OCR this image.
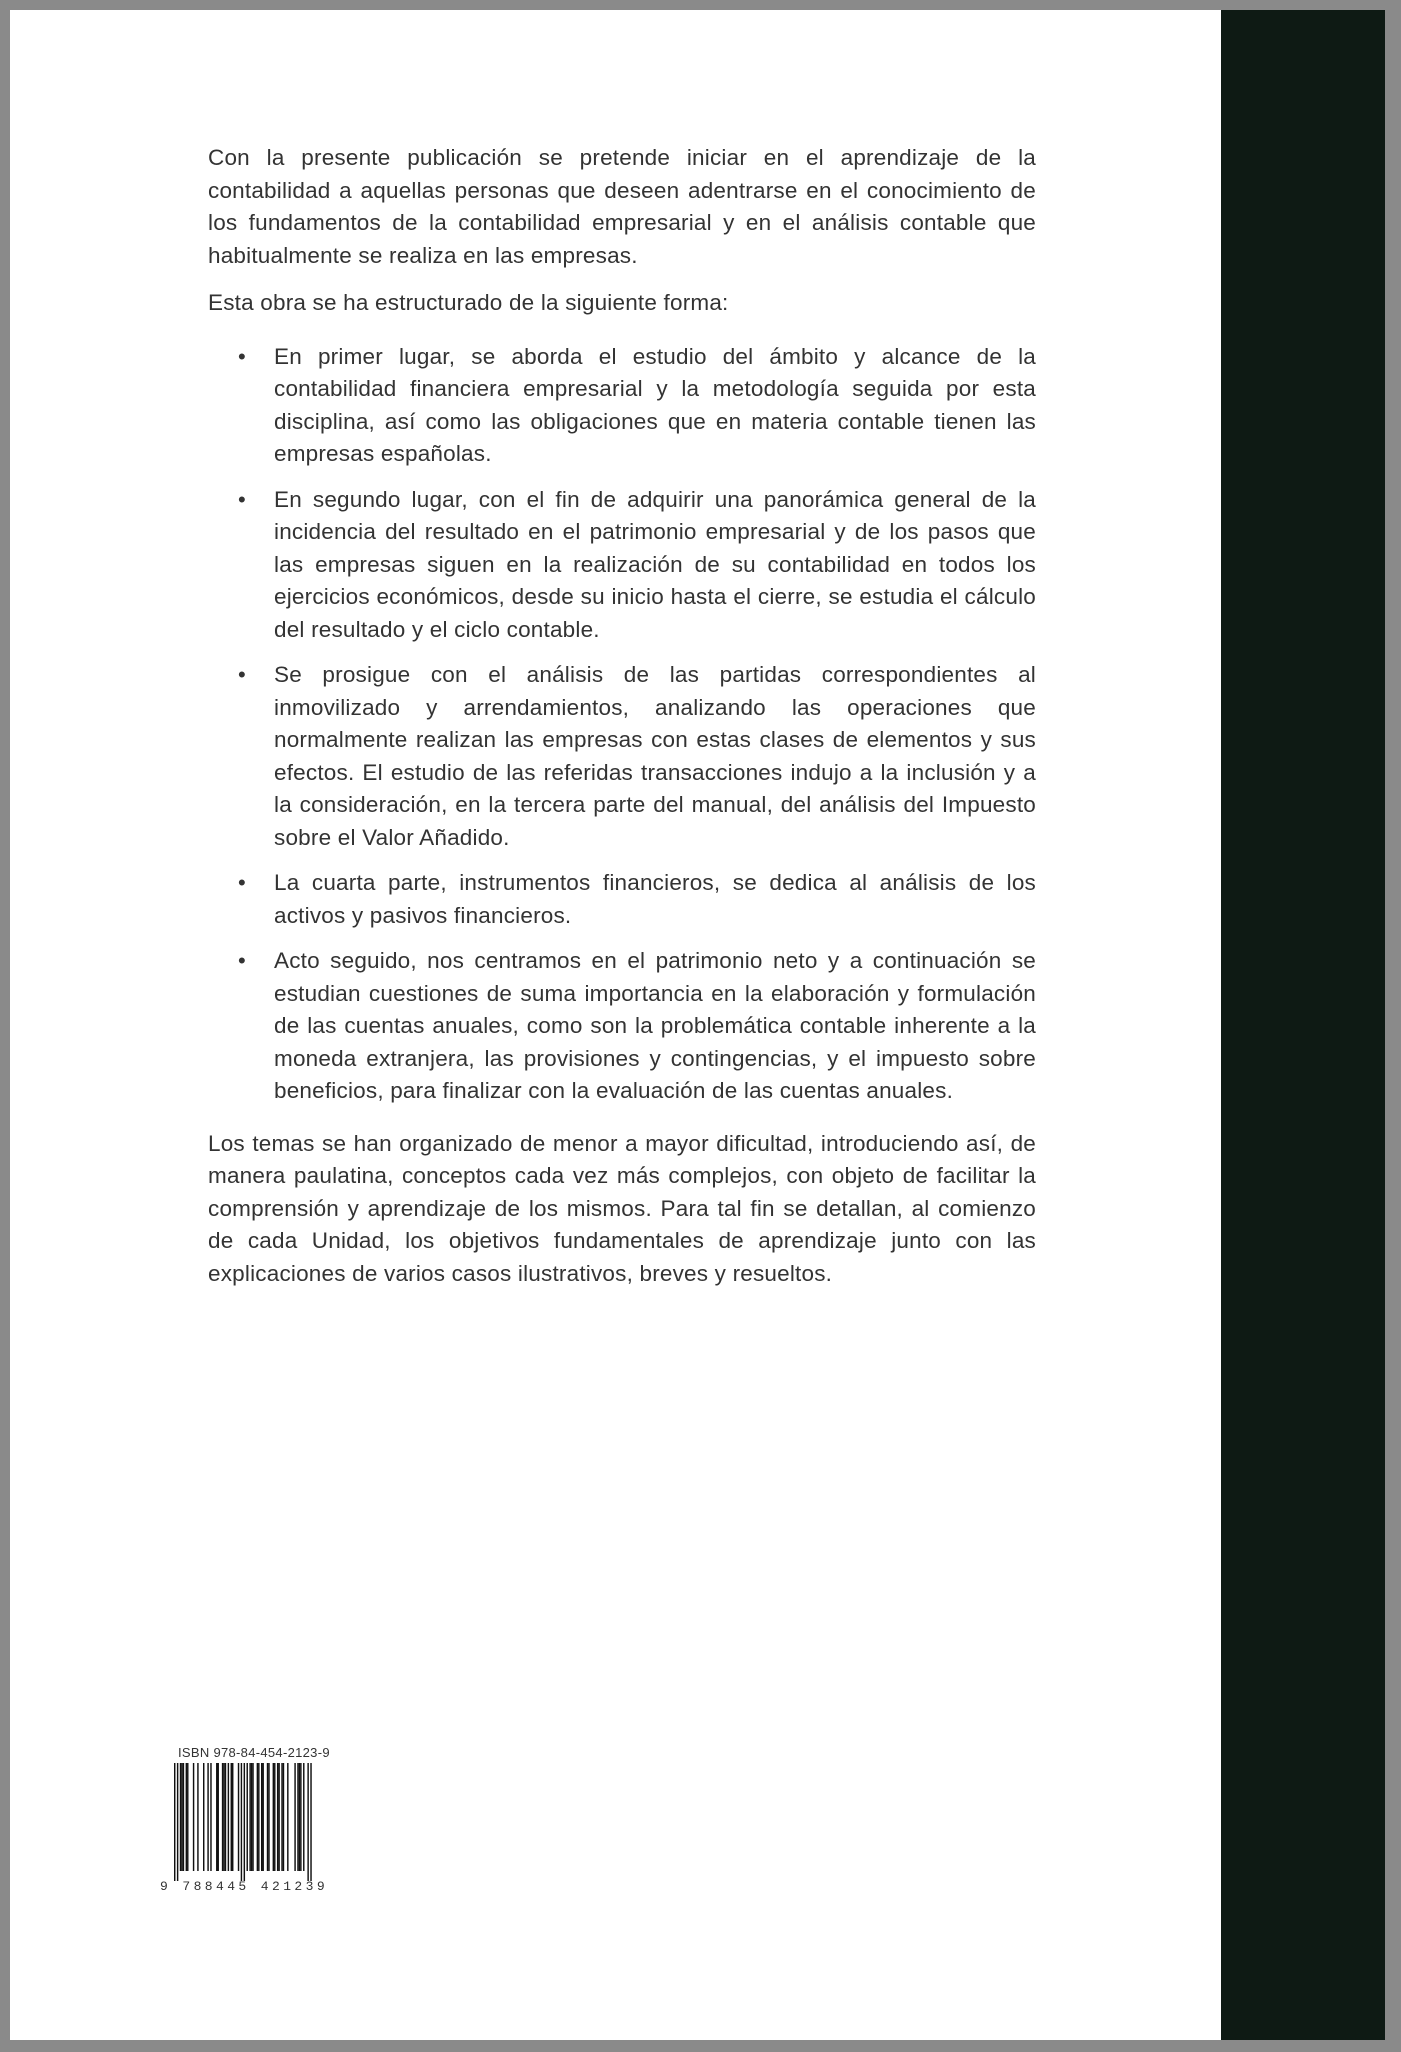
Con la presente publicación se pretende iniciar en el aprendizaje de la contabilidad a aquellas personas que deseen adentrarse en el conocimiento de los fundamentos de la contabilidad empresarial y en el análisis contable que habitualmente se realiza en las empresas.

Esta obra se ha estructurado de la siguiente forma:

• En primer lugar, se aborda el estudio del ámbito y alcance de la contabilidad financiera empresarial y la metodología seguida por esta disciplina, así como las obligaciones que en materia contable tienen las empresas españolas.
• En segundo lugar, con el fin de adquirir una panorámica general de la incidencia del resultado en el patrimonio empresarial y de los pasos que las empresas siguen en la realización de su contabilidad en todos los ejercicios económicos, desde su inicio hasta el cierre, se estudia el cálculo del resultado y el ciclo contable.
• Se prosigue con el análisis de las partidas correspondientes al inmovilizado y arrendamientos, analizando las operaciones que normalmente realizan las empresas con estas clases de elementos y sus efectos. El estudio de las referidas transacciones indujo a la inclusión y a la consideración, en la tercera parte del manual, del análisis del Impuesto sobre el Valor Añadido.
• La cuarta parte, instrumentos financieros, se dedica al análisis de los activos y pasivos financieros.
• Acto seguido, nos centramos en el patrimonio neto y a continuación se estudian cuestiones de suma importancia en la elaboración y formulación de las cuentas anuales, como son la problemática contable inherente a la moneda extranjera, las provisiones y contingencias, y el impuesto sobre beneficios, para finalizar con la evaluación de las cuentas anuales.

Los temas se han organizado de menor a mayor dificultad, introduciendo así, de manera paulatina, conceptos cada vez más complejos, con objeto de facilitar la comprensión y aprendizaje de los mismos. Para tal fin se detallan, al comienzo de cada Unidad, los objetivos fundamentales de aprendizaje junto con las explicaciones de varios casos ilustrativos, breves y resueltos.

ISBN 978-84-454-2123-9
9 788445 421239
